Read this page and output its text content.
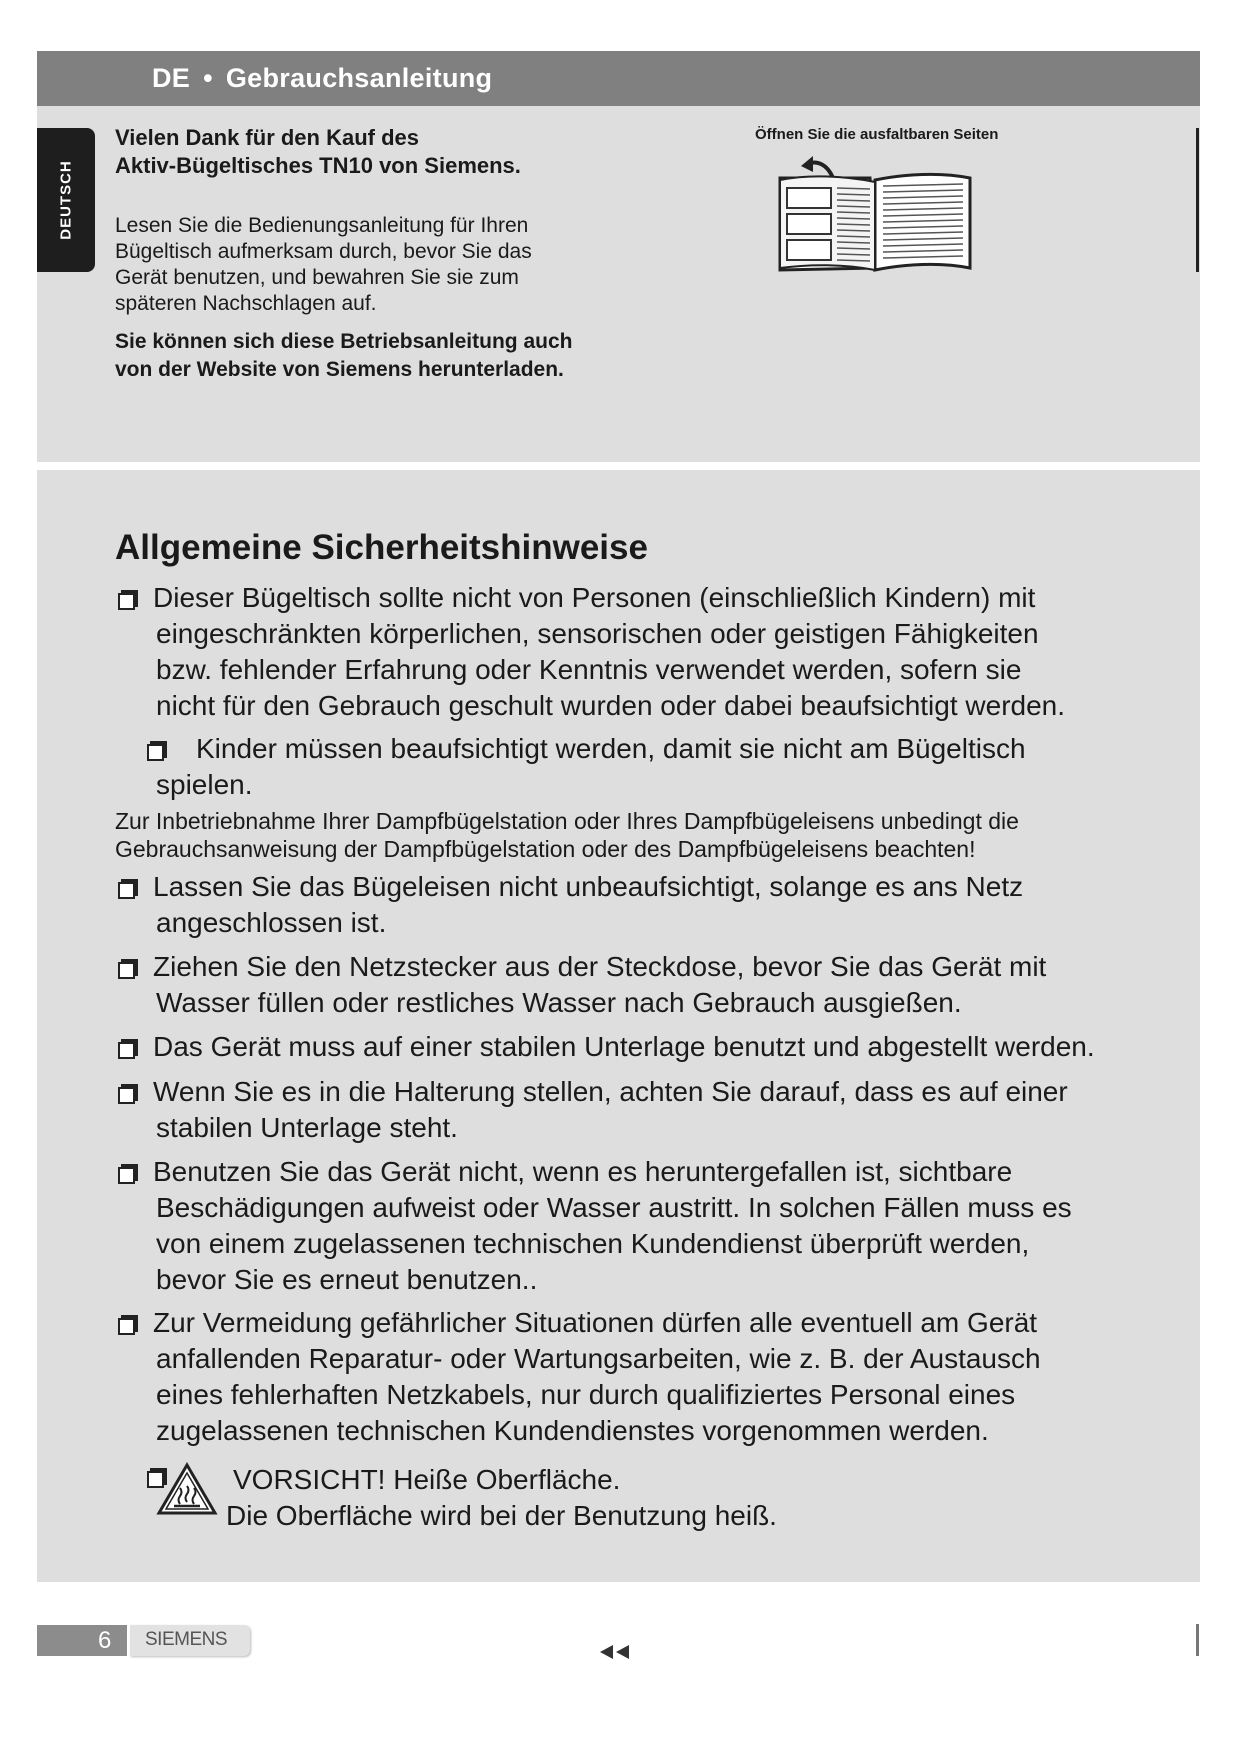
DE • Gebrauchsanleitung
DEUTSCH
Vielen Dank für den Kauf des
Aktiv-Bügeltisches TN10 von Siemens.
Lesen Sie die Bedienungsanleitung für Ihren
Bügeltisch aufmerksam durch, bevor Sie das
Gerät benutzen, und bewahren Sie sie zum
späteren Nachschlagen auf.
Sie können sich diese Betriebsanleitung auch
von der Website von Siemens herunterladen.
Öffnen Sie die ausfaltbaren Seiten
Allgemeine Sicherheitshinweise
Dieser Bügeltisch sollte nicht von Personen (einschließlich Kindern) mit
eingeschränkten körperlichen, sensorischen oder geistigen Fähigkeiten
bzw. fehlender Erfahrung oder Kenntnis verwendet werden, sofern sie
nicht für den Gebrauch geschult wurden oder dabei beaufsichtigt werden.
Kinder müssen beaufsichtigt werden, damit sie nicht am Bügeltisch
spielen.
Zur Inbetriebnahme Ihrer Dampfbügelstation oder Ihres Dampfbügeleisens unbedingt die
Gebrauchsanweisung der Dampfbügelstation oder des Dampfbügeleisens beachten!
Lassen Sie das Bügeleisen nicht unbeaufsichtigt, solange es ans Netz
angeschlossen ist.
Ziehen Sie den Netzstecker aus der Steckdose, bevor Sie das Gerät mit
Wasser füllen oder restliches Wasser nach Gebrauch ausgießen.
Das Gerät muss auf einer stabilen Unterlage benutzt und abgestellt werden.
Wenn Sie es in die Halterung stellen, achten Sie darauf, dass es auf einer
stabilen Unterlage steht.
Benutzen Sie das Gerät nicht, wenn es heruntergefallen ist, sichtbare
Beschädigungen aufweist oder Wasser austritt. In solchen Fällen muss es
von einem zugelassenen technischen Kundendienst überprüft werden,
bevor Sie es erneut benutzen..
Zur Vermeidung gefährlicher Situationen dürfen alle eventuell am Gerät
anfallenden Reparatur- oder Wartungsarbeiten, wie z. B. der Austausch
eines fehlerhaften Netzkabels, nur durch qualifiziertes Personal eines
zugelassenen technischen Kundendienstes vorgenommen werden.
VORSICHT! Heiße Oberfläche.
Die Oberfläche wird bei der Benutzung heiß.
6 SIEMENS
